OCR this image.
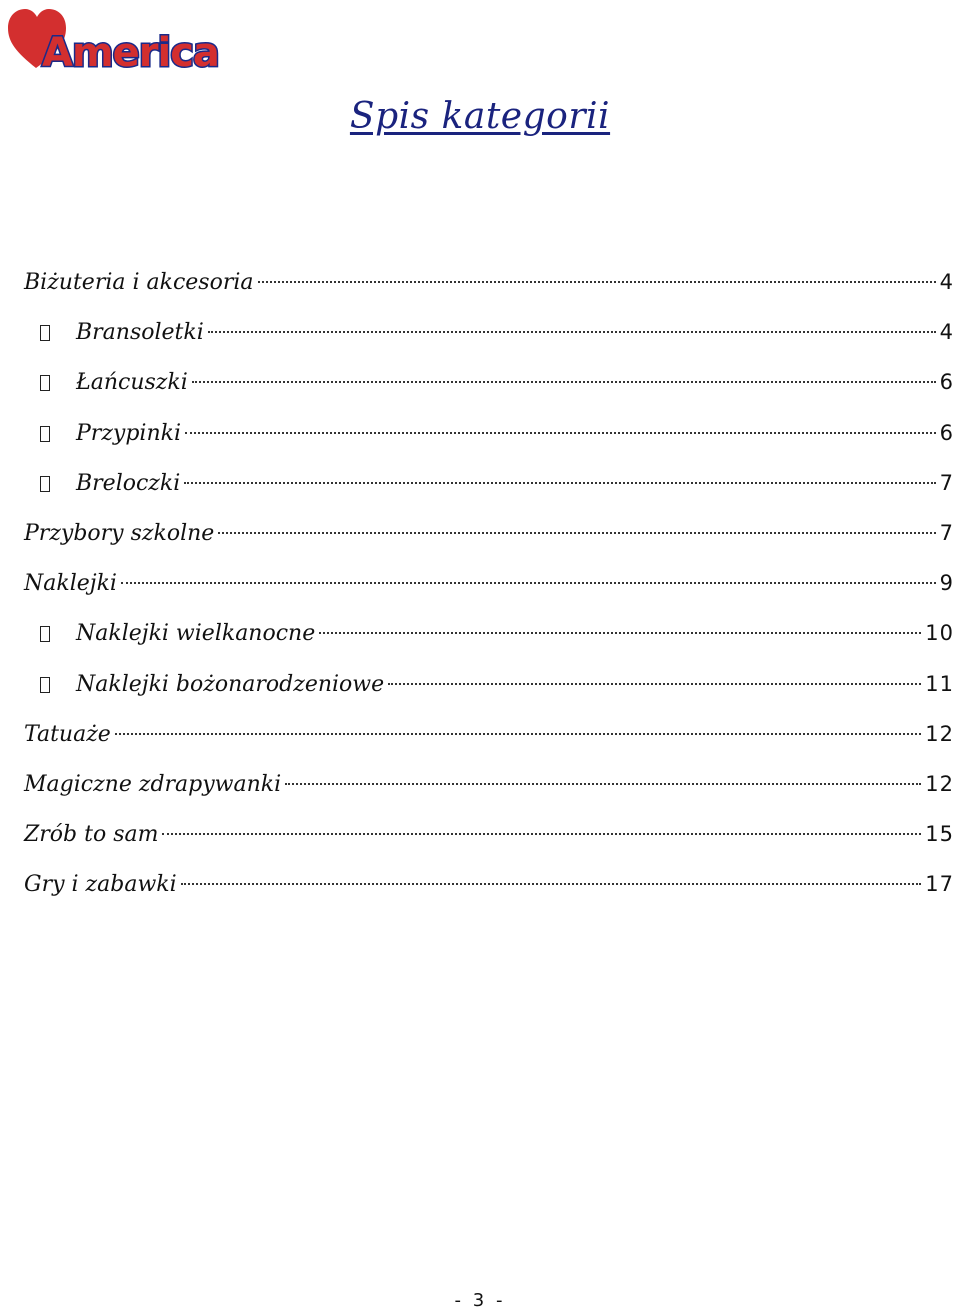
America
Spis kategorii
Biżuteria i akcesoria	4
Bransoletki	4
Łańcuszki	6
Przypinki	6
Breloczki	7
Przybory szkolne	7
Naklejki	9
Naklejki wielkanocne	10
Naklejki bożonarodzeniowe	11
Tatuaże	12
Magiczne zdrapywanki	12
Zrób to sam	15
Gry i zabawki	17
- 3 -
